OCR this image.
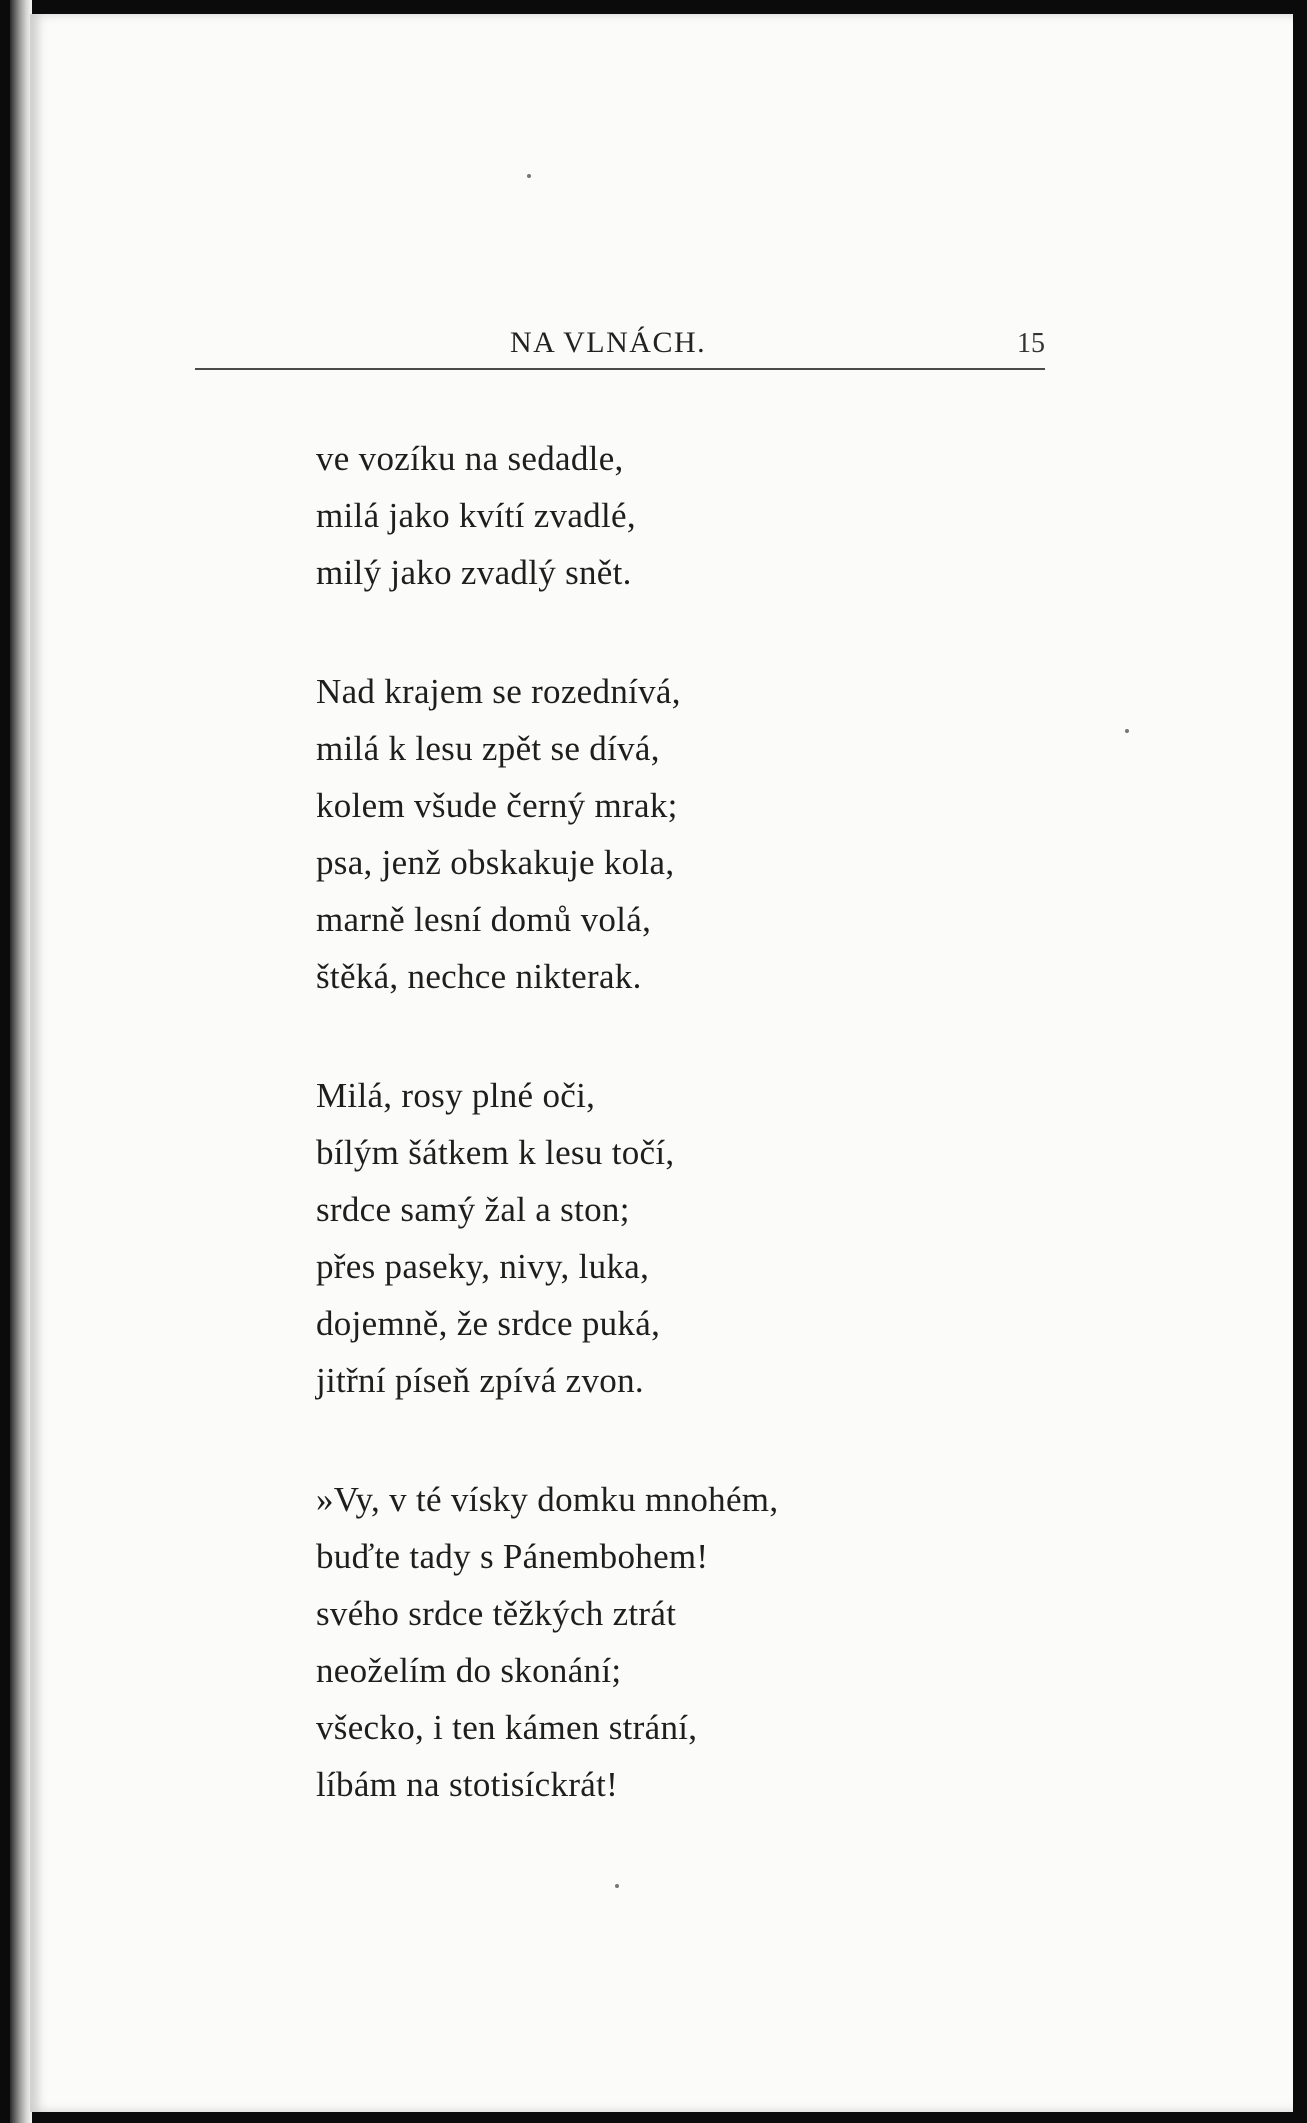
NA VLNÁCH.	15
ve vozíku na sedadle,
milá jako kvítí zvadlé,
milý jako zvadlý snět.
Nad krajem se rozednívá,
milá k lesu zpět se dívá,
kolem všude černý mrak;
psa, jenž obskakuje kola,
marně lesní domů volá,
štěká, nechce nikterak.
Milá, rosy plné oči,
bílým šátkem k lesu točí,
srdce samý žal a ston;
přes paseky, nivy, luka,
dojemně, že srdce puká,
jitřní píseň zpívá zvon.
»Vy, v té vísky domku mnohém,
buďte tady s Pánembohem!
svého srdce těžkých ztrát
neoželím do skonání;
všecko, i ten kámen strání,
líbám na stotisíckrát!
